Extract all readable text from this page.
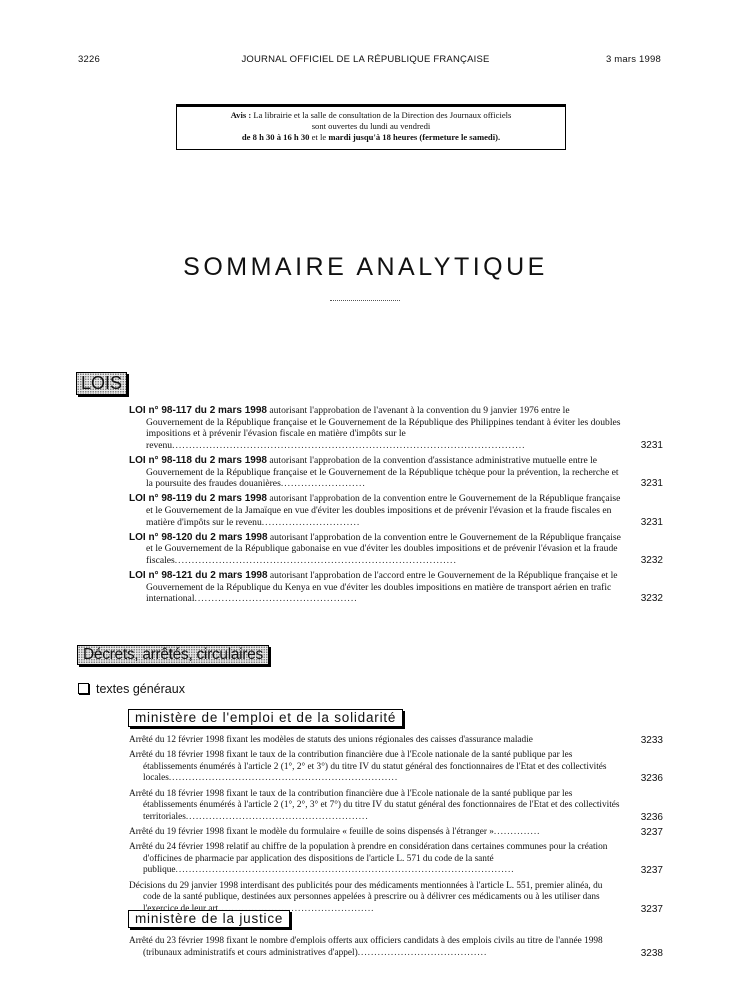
3226	JOURNAL OFFICIEL DE LA RÉPUBLIQUE FRANÇAISE	3 mars 1998
Avis : La librairie et la salle de consultation de la Direction des Journaux officiels
sont ouvertes du lundi au vendredi
de 8 h 30 à 16 h 30 et le mardi jusqu'à 18 heures (fermeture le samedi).
SOMMAIRE ANALYTIQUE
LOIS
LOI n° 98-117 du 2 mars 1998 autorisant l'approbation de l'avenant à la convention du 9 janvier 1976 entre le Gouvernement de la République française et le Gouvernement de la République des Philippines tendant à éviter les doubles impositions et à prévenir l'évasion fiscale en matière d'impôts sur le revenu........................................................................................................	3231
LOI n° 98-118 du 2 mars 1998 autorisant l'approbation de la convention d'assistance administrative mutuelle entre le Gouvernement de la République française et le Gouvernement de la République tchèque pour la prévention, la recherche et la poursuite des fraudes douanières.........................	3231
LOI n° 98-119 du 2 mars 1998 autorisant l'approbation de la convention entre le Gouvernement de la République française et le Gouvernement de la Jamaïque en vue d'éviter les doubles impositions et de prévenir l'évasion et la fraude fiscales en matière d'impôts sur le revenu.............................	3231
LOI n° 98-120 du 2 mars 1998 autorisant l'approbation de la convention entre le Gouvernement de la République française et le Gouvernement de la République gabonaise en vue d'éviter les doubles impositions et de prévenir l'évasion et la fraude fiscales...................................................................................	3232
LOI n° 98-121 du 2 mars 1998 autorisant l'approbation de l'accord entre le Gouvernement de la République française et le Gouvernement de la République du Kenya en vue d'éviter les doubles impositions en matière de transport aérien en trafic international................................................	3232
Décrets, arrêtés, circulaires
textes généraux
ministère de l'emploi et de la solidarité
Arrêté du 12 février 1998 fixant les modèles de statuts des unions régionales des caisses d'assurance maladie	3233
Arrêté du 18 février 1998 fixant le taux de la contribution financière due à l'Ecole nationale de la santé publique par les établissements énumérés à l'article 2 (1°, 2° et 3°) du titre IV du statut général des fonctionnaires de l'Etat et des collectivités locales.....................................................................	3236
Arrêté du 18 février 1998 fixant le taux de la contribution financière due à l'Ecole nationale de la santé publique par les établissements énumérés à l'article 2 (1°, 2°, 3° et 7°) du titre IV du statut général des fonctionnaires de l'Etat et des collectivités territoriales.......................................................	3236
Arrêté du 19 février 1998 fixant le modèle du formulaire « feuille de soins dispensés à l'étranger »..............	3237
Arrêté du 24 février 1998 relatif au chiffre de la population à prendre en considération dans certaines communes pour la création d'officines de pharmacie par application des dispositions de l'article L. 571 du code de la santé publique......................................................................................................	3237
Décisions du 29 janvier 1998 interdisant des publicités pour des médicaments mentionnées à l'article L. 551, premier alinéa, du code de la santé publique, destinées aux personnes appelées à prescrire ou à délivrer ces médicaments ou à les utiliser dans l'exercice de leur art...............................................	3237
ministère de la justice
Arrêté du 23 février 1998 fixant le nombre d'emplois offerts aux officiers candidats à des emplois civils au titre de l'année 1998 (tribunaux administratifs et cours administratives d'appel).......................................	3238
